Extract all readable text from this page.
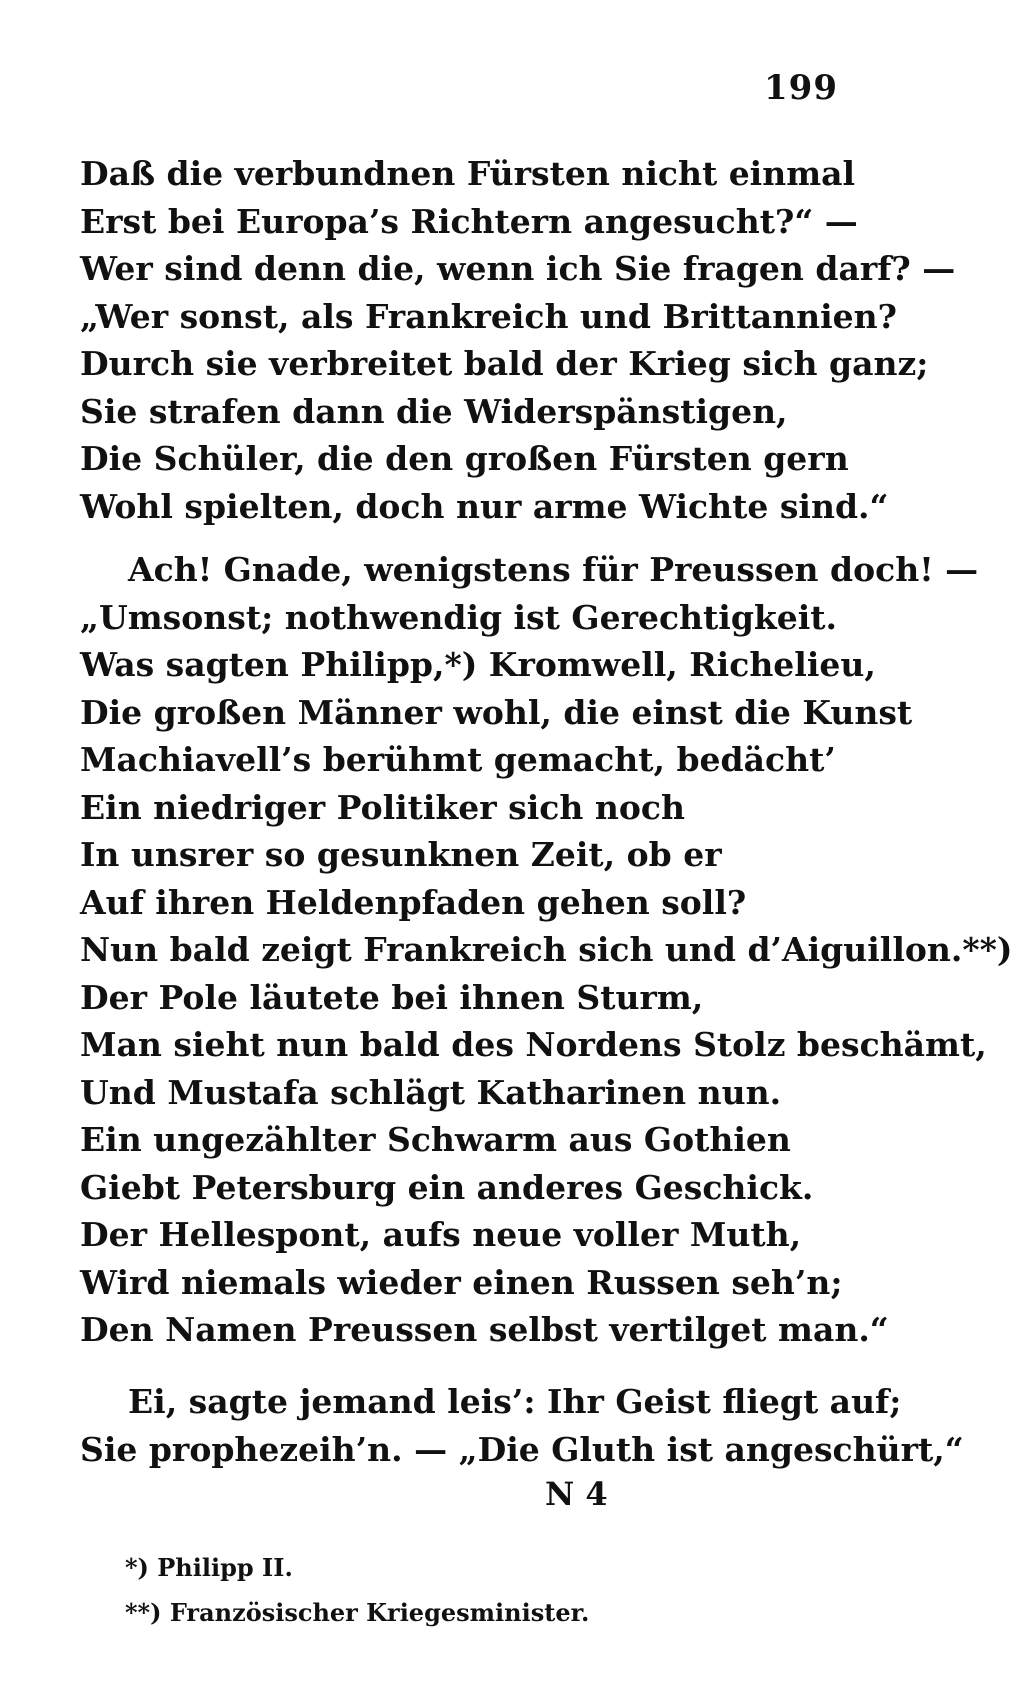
199
Daß die verbundnen Fürsten nicht einmal
Erst bei Europa’s Richtern angesucht?“ —
Wer sind denn die, wenn ich Sie fragen darf? —
„Wer sonst, als Frankreich und Brittannien?
Durch sie verbreitet bald der Krieg sich ganz;
Sie strafen dann die Widerspänstigen,
Die Schüler, die den großen Fürsten gern
Wohl spielten, doch nur arme Wichte sind.“
Ach! Gnade, wenigstens für Preussen doch! —
„Umsonst; nothwendig ist Gerechtigkeit.
Was sagten Philipp,*) Kromwell, Richelieu,
Die großen Männer wohl, die einst die Kunst
Machiavell’s berühmt gemacht, bedächt’
Ein niedriger Politiker sich noch
In unsrer so gesunknen Zeit, ob er
Auf ihren Heldenpfaden gehen soll?
Nun bald zeigt Frankreich sich und d’Aiguillon.**)
Der Pole läutete bei ihnen Sturm,
Man sieht nun bald des Nordens Stolz beschämt,
Und Mustafa schlägt Katharinen nun.
Ein ungezählter Schwarm aus Gothien
Giebt Petersburg ein anderes Geschick.
Der Hellespont, aufs neue voller Muth,
Wird niemals wieder einen Russen seh’n;
Den Namen Preussen selbst vertilget man.“
Ei, sagte jemand leis’: Ihr Geist fliegt auf;
Sie prophezeih’n. — „Die Gluth ist angeschürt,“
N 4
*) Philipp II.
**) Französischer Kriegesminister.
